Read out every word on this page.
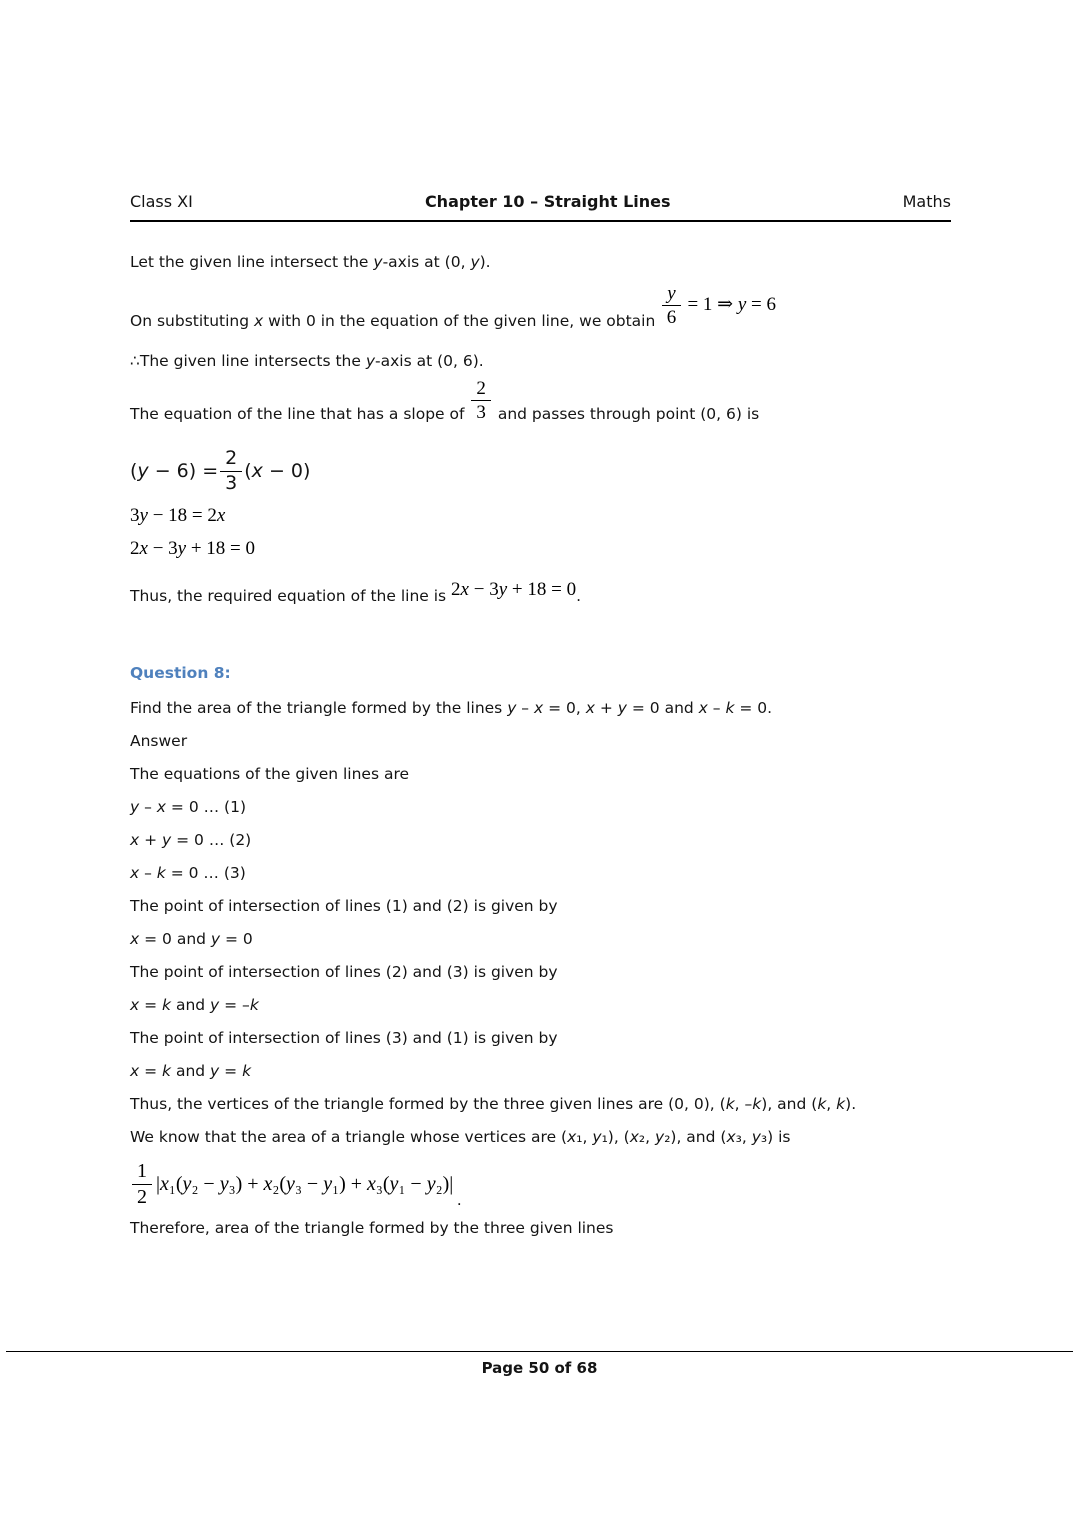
Class XI	Chapter 10 – Straight Lines	Maths

Let the given line intersect the y-axis at (0, y).

On substituting x with 0 in the equation of the given line, we obtain $\frac{y}{6} = 1$ ⇒ y = 6

∴The given line intersects the y-axis at (0, 6).

The equation of the line that has a slope of $\frac{2}{3}$ and passes through point (0, 6) is

$(y - 6) = \frac{2}{3} (x - 0)$
3y − 18 = 2x
2x − 3y + 18 = 0

Thus, the required equation of the line is 2x − 3y + 18 = 0.

Question 8:

Find the area of the triangle formed by the lines y – x = 0, x + y = 0 and x – k = 0.

Answer

The equations of the given lines are

y – x = 0 … (1)

x + y = 0 … (2)

x – k = 0 … (3)

The point of intersection of lines (1) and (2) is given by

x = 0 and y = 0

The point of intersection of lines (2) and (3) is given by

x = k and y = –k

The point of intersection of lines (3) and (1) is given by

x = k and y = k

Thus, the vertices of the triangle formed by the three given lines are (0, 0), (k, –k), and (k, k).

We know that the area of a triangle whose vertices are (x₁, y₁), (x₂, y₂), and (x₃, y₃) is

$\frac{1}{2} |x_1(y_2 - y_3) + x_2(y_3 - y_1) + x_3(y_1 - y_2)|$
.

Therefore, area of the triangle formed by the three given lines

Page 50 of 68
